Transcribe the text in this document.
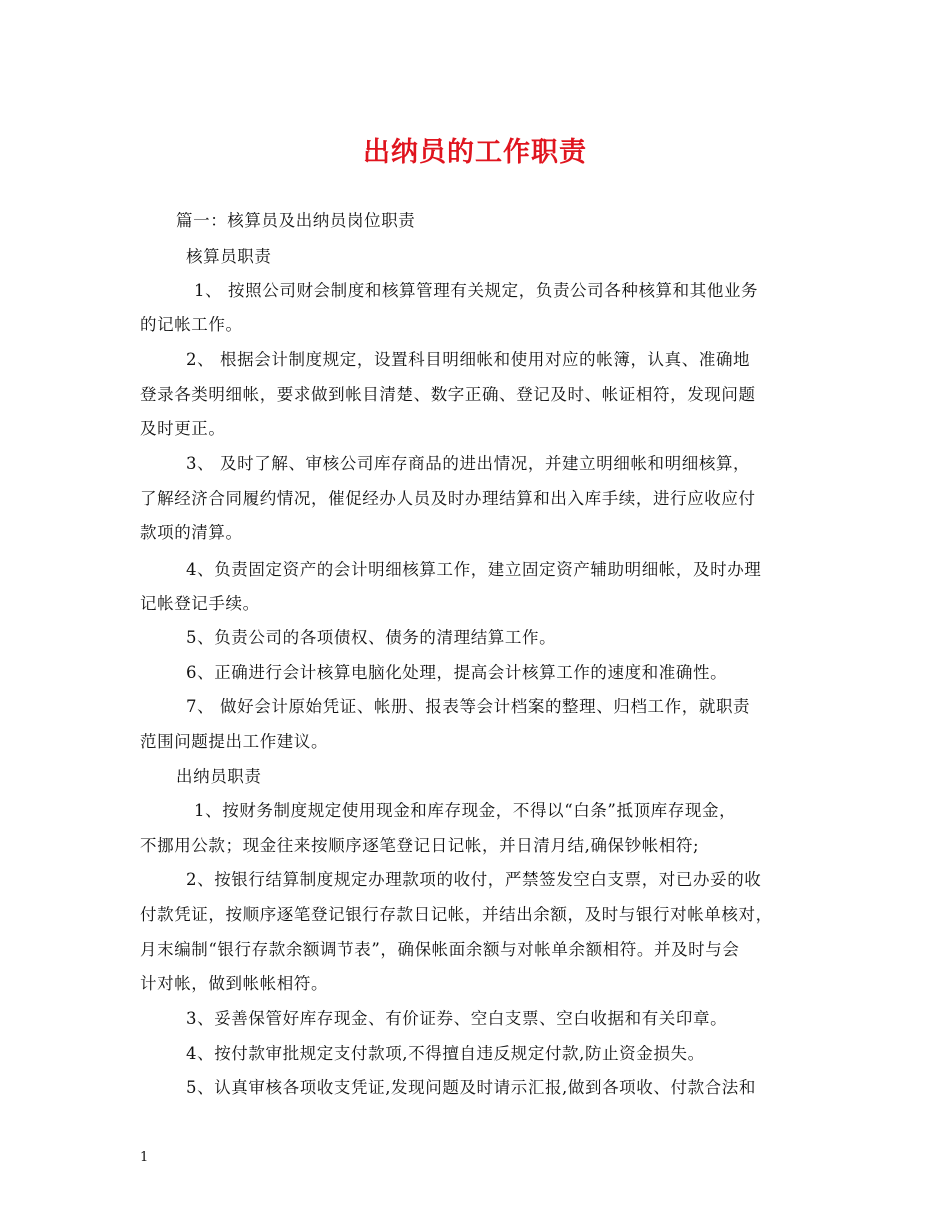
出纳员的工作职责
篇一：核算员及出纳员岗位职责
核算员职责
1、 按照公司财会制度和核算管理有关规定，负责公司各种核算和其他业务
的记帐工作。
2、 根据会计制度规定，设置科目明细帐和使用对应的帐簿，认真、准确地
登录各类明细帐，要求做到帐目清楚、数字正确、登记及时、帐证相符，发现问题
及时更正。
3、 及时了解、审核公司库存商品的进出情况，并建立明细帐和明细核算，
了解经济合同履约情况，催促经办人员及时办理结算和出入库手续，进行应收应付
款项的清算。
4、负责固定资产的会计明细核算工作，建立固定资产辅助明细帐，及时办理
记帐登记手续。
5、负责公司的各项债权、债务的清理结算工作。
6、正确进行会计核算电脑化处理，提高会计核算工作的速度和准确性。
7、 做好会计原始凭证、帐册、报表等会计档案的整理、归档工作，就职责
范围问题提出工作建议。
出纳员职责
1、按财务制度规定使用现金和库存现金，不得以“白条”抵顶库存现金，
不挪用公款；现金往来按顺序逐笔登记日记帐，并日清月结,确保钞帐相符;
2、按银行结算制度规定办理款项的收付，严禁签发空白支票，对已办妥的收
付款凭证，按顺序逐笔登记银行存款日记帐，并结出余额，及时与银行对帐单核对，
月末编制“银行存款余额调节表”，确保帐面余额与对帐单余额相符。并及时与会
计对帐，做到帐帐相符。
3、妥善保管好库存现金、有价证券、空白支票、空白收据和有关印章。
4、按付款审批规定支付款项,不得擅自违反规定付款,防止资金损失。
5、认真审核各项收支凭证,发现问题及时请示汇报,做到各项收、付款合法和
1
